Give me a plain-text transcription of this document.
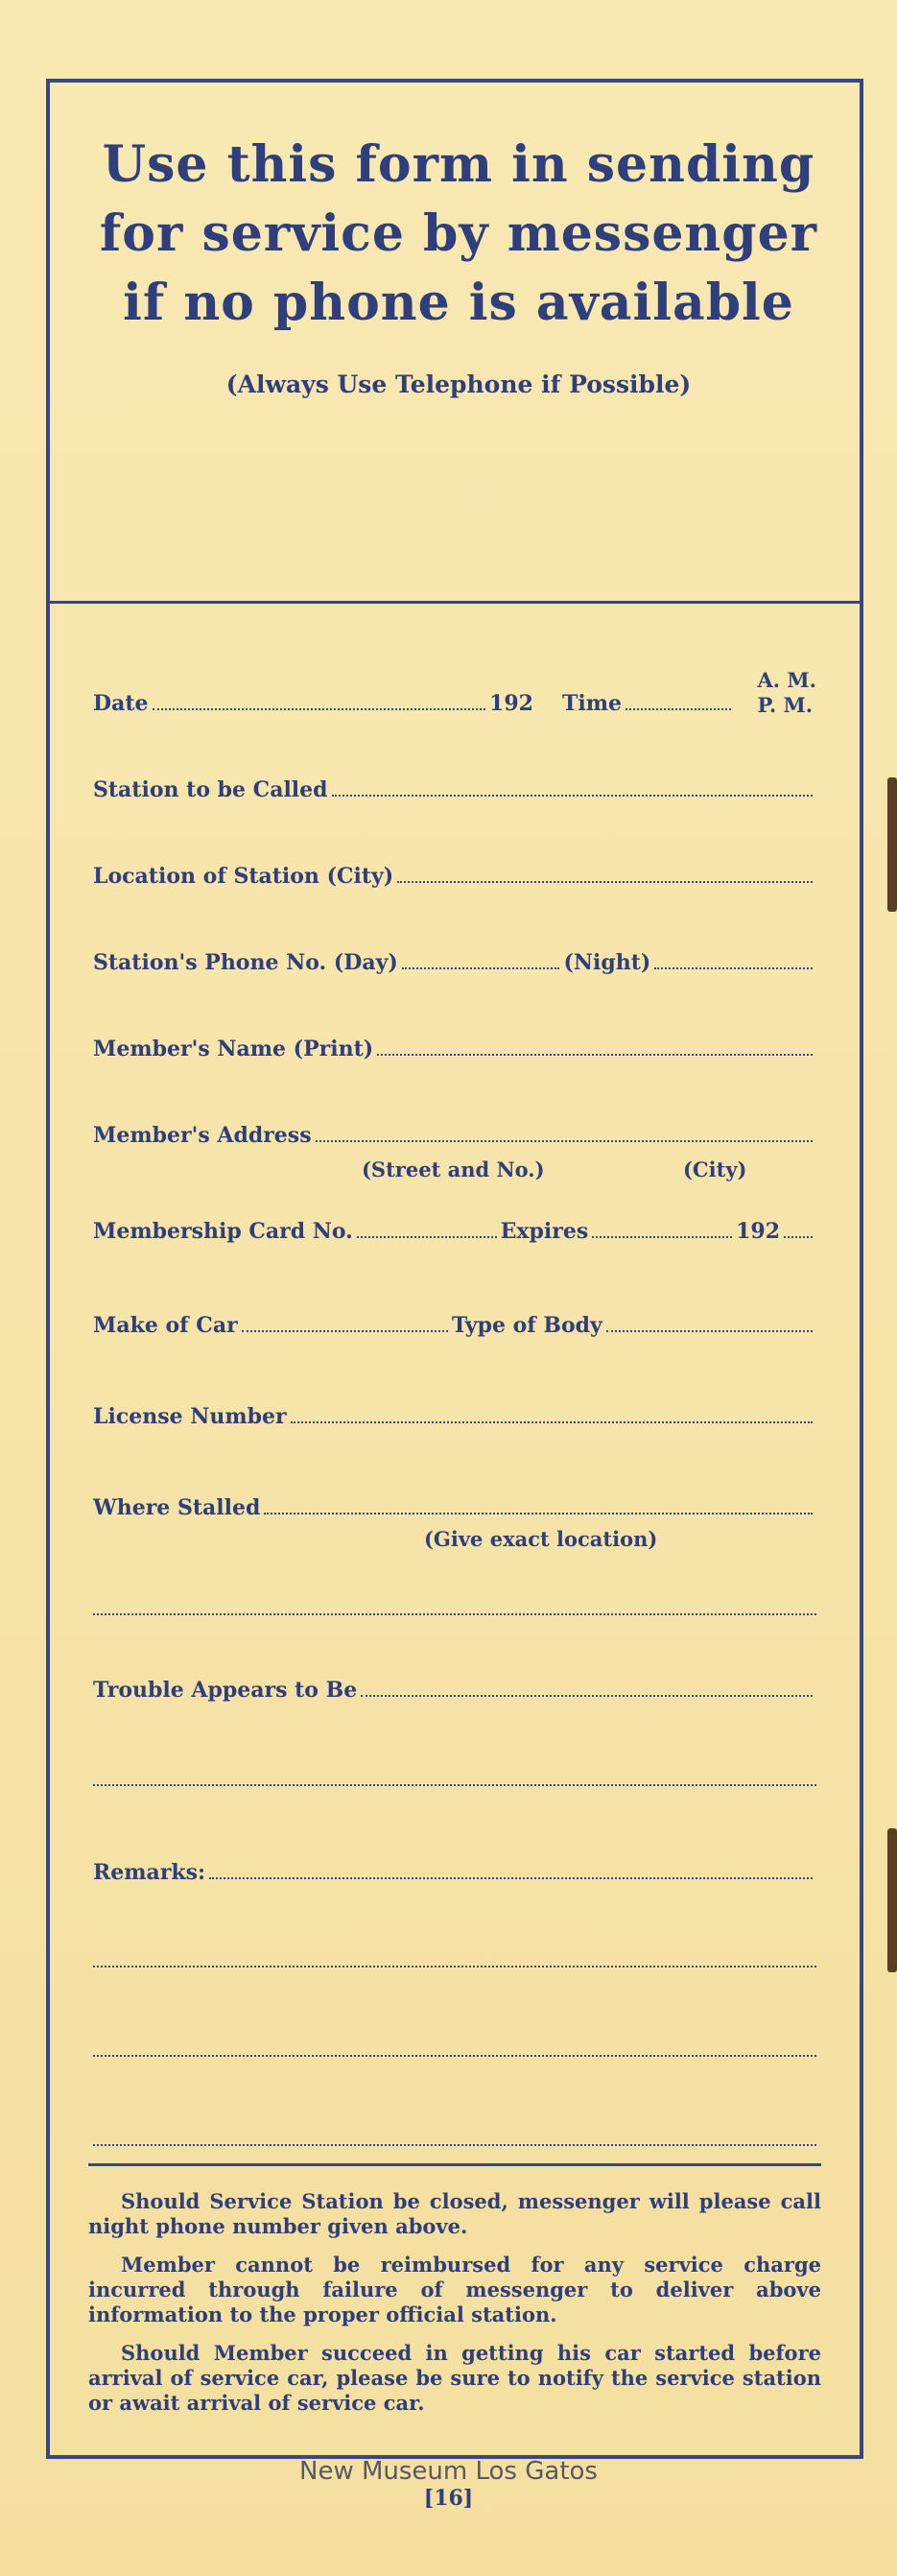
Use this form in sending
for service by messenger
if no phone is available
(Always Use Telephone if Possible)
A. M.
P. M.
Date	192 Time
Station to be Called
Location of Station (City)
Station's Phone No. (Day)	(Night)
Member's Name (Print)
Member's Address
(Street and No.)	(City)
Membership Card No.	Expires	192
Make of Car	Type of Body
License Number
Where Stalled
(Give exact location)
Trouble Appears to Be
Remarks:

Should Service Station be closed, messenger will please call night phone number given above.

Member cannot be reimbursed for any service charge incurred through failure of messenger to deliver above information to the proper official station.

Should Member succeed in getting his car started before arrival of service car, please be sure to notify the service station or await arrival of service car.

New Museum Los Gatos
[16]
